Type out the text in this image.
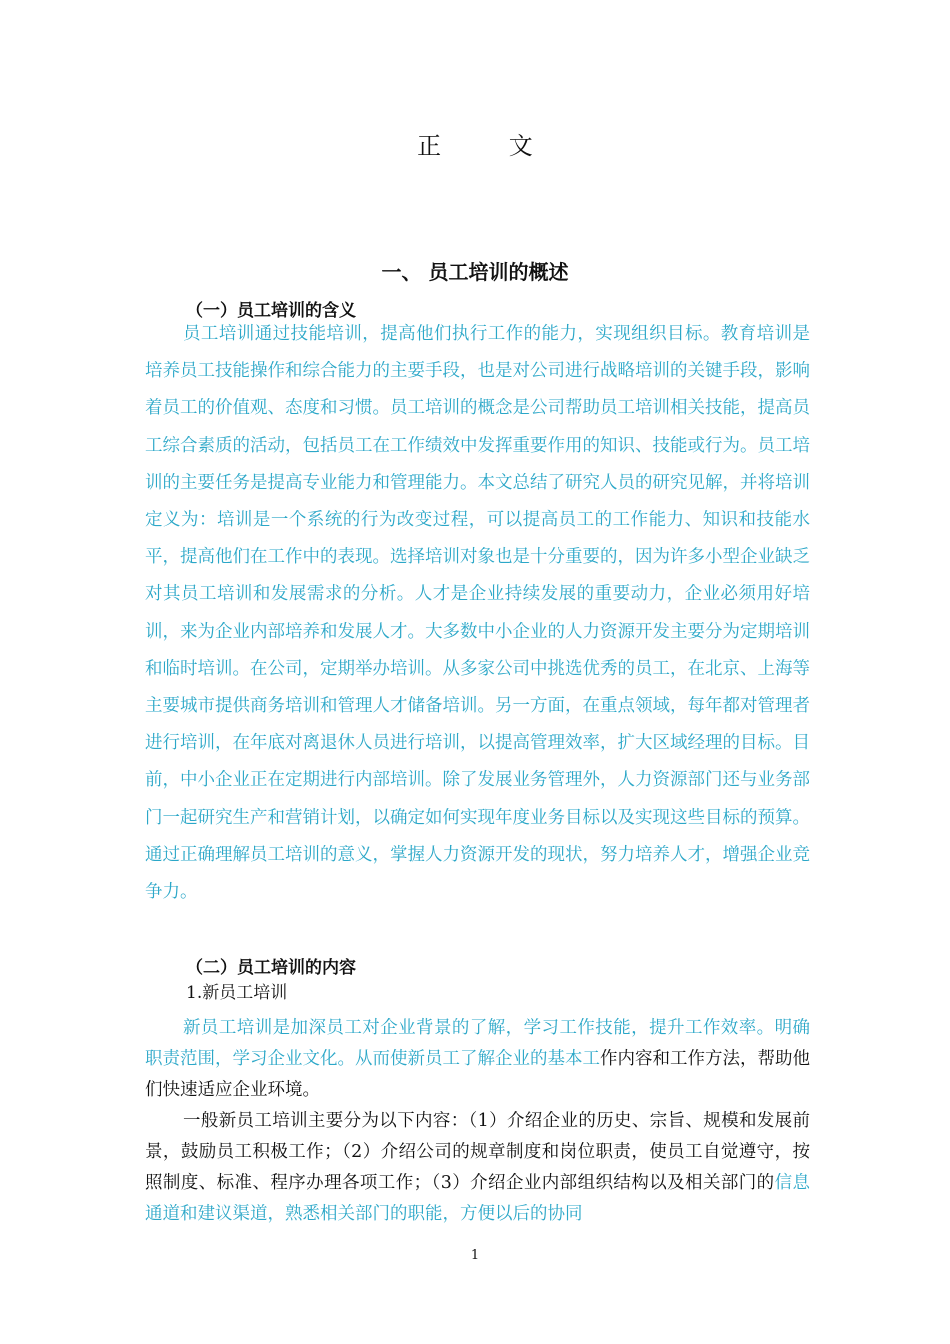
正 文
一、 员工培训的概述
（一）员工培训的含义

员工培训通过技能培训，提高他们执行工作的能力，实现组织目标。教育培训是培养员工技能操作和综合能力的主要手段，也是对公司进行战略培训的关键手段，影响着员工的价值观、态度和习惯。员工培训的概念是公司帮助员工培训相关技能，提高员工综合素质的活动，包括员工在工作绩效中发挥重要作用的知识、技能或行为。员工培训的主要任务是提高专业能力和管理能力。本文总结了研究人员的研究见解，并将培训定义为：培训是一个系统的行为改变过程，可以提高员工的工作能力、知识和技能水平，提高他们在工作中的表现。选择培训对象也是十分重要的，因为许多小型企业缺乏对其员工培训和发展需求的分析。人才是企业持续发展的重要动力，企业必须用好培训，来为企业内部培养和发展人才。大多数中小企业的人力资源开发主要分为定期培训和临时培训。在公司，定期举办培训。从多家公司中挑选优秀的员工，在北京、上海等主要城市提供商务培训和管理人才储备培训。另一方面，在重点领域，每年都对管理者进行培训，在年底对离退休人员进行培训，以提高管理效率，扩大区域经理的目标。目前，中小企业正在定期进行内部培训。除了发展业务管理外，人力资源部门还与业务部门一起研究生产和营销计划，以确定如何实现年度业务目标以及实现这些目标的预算。通过正确理解员工培训的意义，掌握人力资源开发的现状，努力培养人才，增强企业竞争力。

（二）员工培训的内容

1.新员工培训

新员工培训是加深员工对企业背景的了解，学习工作技能，提升工作效率。明确职责范围，学习企业文化。从而使新员工了解企业的基本工作内容和工作方法，帮助他们快速适应企业环境。

一般新员工培训主要分为以下内容：（1）介绍企业的历史、宗旨、规模和发展前景，鼓励员工积极工作；（2）介绍公司的规章制度和岗位职责，使员工自觉遵守，按照制度、标准、程序办理各项工作；（3）介绍企业内部组织结构以及相关部门的信息通道和建议渠道，熟悉相关部门的职能，方便以后的协同

1
